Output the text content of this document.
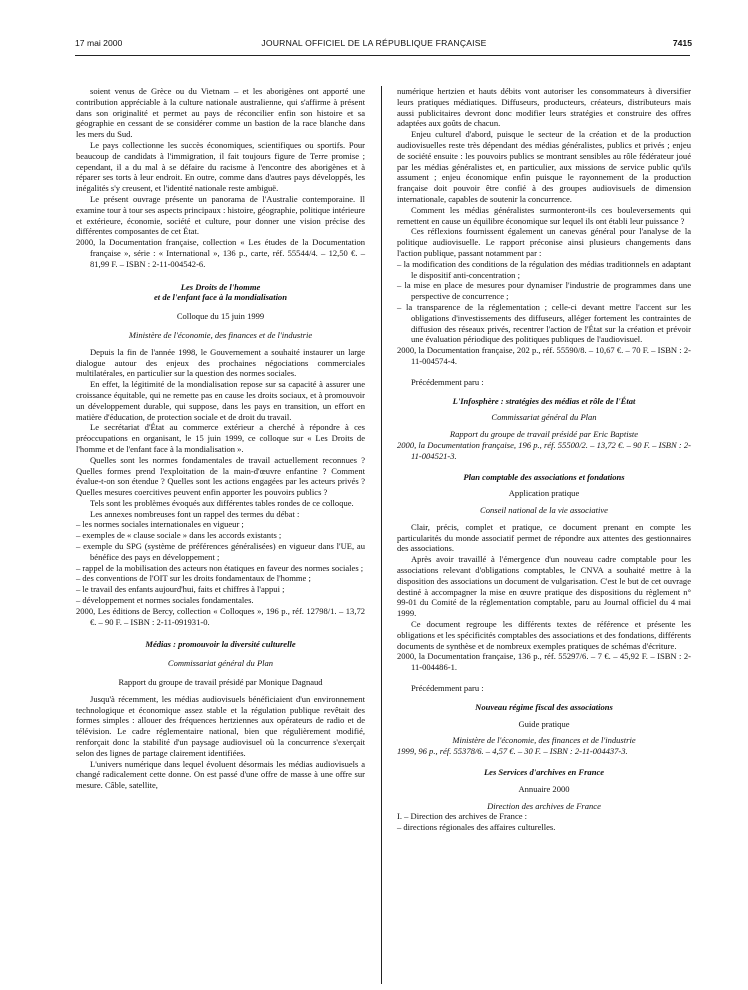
17 mai 2000	JOURNAL OFFICIEL DE LA RÉPUBLIQUE FRANÇAISE	7415

soient venus de Grèce ou du Vietnam – et les aborigènes ont apporté une contribution appréciable à la culture nationale australienne, qui s'affirme à présent dans son originalité et permet au pays de réconcilier enfin son histoire et sa géographie en cessant de se considérer comme un bastion de la race blanche dans les mers du Sud.

Le pays collectionne les succès économiques, scientifiques ou sportifs. Pour beaucoup de candidats à l'immigration, il fait toujours figure de Terre promise ; cependant, il a du mal à se défaire du racisme à l'encontre des aborigènes et à réparer ses torts à leur endroit. En outre, comme dans d'autres pays développés, les inégalités s'y creusent, et l'identité nationale reste ambiguë.

Le présent ouvrage présente un panorama de l'Australie contemporaine. Il examine tour à tour ses aspects principaux : histoire, géographie, politique intérieure et extérieure, économie, société et culture, pour donner une vision précise des différentes composantes de cet État.

2000, la Documentation française, collection « Les études de la Documentation française », série : « International », 136 p., carte, réf. 55544/4. – 12,50 €. – 81,99 F. – ISBN : 2-11-004542-6.

Les Droits de l'homme

et de l'enfant face à la mondialisation

Colloque du 15 juin 1999

Ministère de l'économie, des finances et de l'industrie

Depuis la fin de l'année 1998, le Gouvernement a souhaité instaurer un large dialogue autour des enjeux des prochaines négociations commerciales multilatérales, en particulier sur la question des normes sociales.

En effet, la légitimité de la mondialisation repose sur sa capacité à assurer une croissance équitable, qui ne remette pas en cause les droits sociaux, et à promouvoir un développement durable, qui suppose, dans les pays en transition, un effort en matière d'éducation, de protection sociale et de droit du travail.

Le secrétariat d'État au commerce extérieur a cherché à répondre à ces préoccupations en organisant, le 15 juin 1999, ce colloque sur « Les Droits de l'homme et de l'enfant face à la mondialisation ».

Quelles sont les normes fondamentales de travail actuellement reconnues ? Quelles formes prend l'exploitation de la main-d'œuvre enfantine ? Comment évalue-t-on son étendue ? Quelles sont les actions engagées par les acteurs privés ? Quelles mesures coercitives peuvent enfin apporter les pouvoirs publics ?

Tels sont les problèmes évoqués aux différentes tables rondes de ce colloque.

Les annexes nombreuses font un rappel des termes du débat :

– les normes sociales internationales en vigueur ;

– exemples de « clause sociale » dans les accords existants ;

– exemple du SPG (système de préférences généralisées) en vigueur dans l'UE, au bénéfice des pays en développement ;

– rappel de la mobilisation des acteurs non étatiques en faveur des normes sociales ;

– des conventions de l'OIT sur les droits fondamentaux de l'homme ;

– le travail des enfants aujourd'hui, faits et chiffres à l'appui ;

– développement et normes sociales fondamentales.

2000, Les éditions de Bercy, collection « Colloques », 196 p., réf. 12798/1. – 13,72 €. – 90 F. – ISBN : 2-11-091931-0.

Médias : promouvoir la diversité culturelle

Commissariat général du Plan

Rapport du groupe de travail présidé par Monique Dagnaud

Jusqu'à récemment, les médias audiovisuels bénéficiaient d'un environnement technologique et économique assez stable et la régulation publique revêtait des formes simples : allouer des fréquences hertziennes aux opérateurs de radio et de télévision. Le cadre réglementaire national, bien que régulièrement modifié, renforçait donc la stabilité d'un paysage audiovisuel où la concurrence s'exerçait selon des lignes de partage clairement identifiées.

L'univers numérique dans lequel évoluent désormais les médias audiovisuels a changé radicalement cette donne. On est passé d'une offre de masse à une offre sur mesure. Câble, satellite,

numérique hertzien et hauts débits vont autoriser les consommateurs à diversifier leurs pratiques médiatiques. Diffuseurs, producteurs, créateurs, distributeurs mais aussi publicitaires devront donc modifier leurs stratégies et construire des offres adaptées aux goûts de chacun.

Enjeu culturel d'abord, puisque le secteur de la création et de la production audiovisuelles reste très dépendant des médias généralistes, publics et privés ; enjeu de société ensuite : les pouvoirs publics se montrant sensibles au rôle fédérateur joué par les médias généralistes et, en particulier, aux missions de service public qu'ils assument ; enjeu économique enfin puisque le rayonnement de la production française doit pouvoir être confié à des groupes audiovisuels de dimension internationale, capables de soutenir la concurrence.

Comment les médias généralistes surmonteront-ils ces bouleversements qui remettent en cause un équilibre économique sur lequel ils ont établi leur puissance ?

Ces réflexions fournissent également un canevas général pour l'analyse de la politique audiovisuelle. Le rapport préconise ainsi plusieurs changements dans l'action publique, passant notamment par :

– la modification des conditions de la régulation des médias traditionnels en adaptant le dispositif anti-concentration ;

– la mise en place de mesures pour dynamiser l'industrie de programmes dans une perspective de concurrence ;

– la transparence de la réglementation ; celle-ci devant mettre l'accent sur les obligations d'investissements des diffuseurs, alléger fortement les contraintes de diffusion des réseaux privés, recentrer l'action de l'État sur la création et prévoir une évaluation périodique des politiques publiques de l'audiovisuel.

2000, la Documentation française, 202 p., réf. 55590/8. – 10,67 €. – 70 F. – ISBN : 2-11-004574-4.

Précédemment paru :

L'Infosphère : stratégies des médias et rôle de l'État

Commissariat général du Plan

Rapport du groupe de travail présidé par Eric Baptiste

2000, la Documentation française, 196 p., réf. 55500/2. – 13,72 €. – 90 F. – ISBN : 2-11-004521-3.

Plan comptable des associations et fondations

Application pratique

Conseil national de la vie associative

Clair, précis, complet et pratique, ce document prenant en compte les particularités du monde associatif permet de répondre aux attentes des gestionnaires des associations.

Après avoir travaillé à l'émergence d'un nouveau cadre comptable pour les associations relevant d'obligations comptables, le CNVA a souhaité mettre à la disposition des associations un document de vulgarisation. C'est le but de cet ouvrage destiné à accompagner la mise en œuvre pratique des dispositions du règlement n° 99-01 du Comité de la réglementation comptable, paru au Journal officiel du 4 mai 1999.

Ce document regroupe les différents textes de référence et présente les obligations et les spécificités comptables des associations et des fondations, différents documents de synthèse et de nombreux exemples pratiques de schémas d'écriture.

2000, la Documentation française, 136 p., réf. 55297/6. – 7 €. – 45,92 F. – ISBN : 2-11-004486-1.

Précédemment paru :

Nouveau régime fiscal des associations

Guide pratique

Ministère de l'économie, des finances et de l'industrie

1999, 96 p., réf. 55378/6. – 4,57 €. – 30 F. – ISBN : 2-11-004437-3.

Les Services d'archives en France

Annuaire 2000

Direction des archives de France

I. – Direction des archives de France :

– directions régionales des affaires culturelles.
